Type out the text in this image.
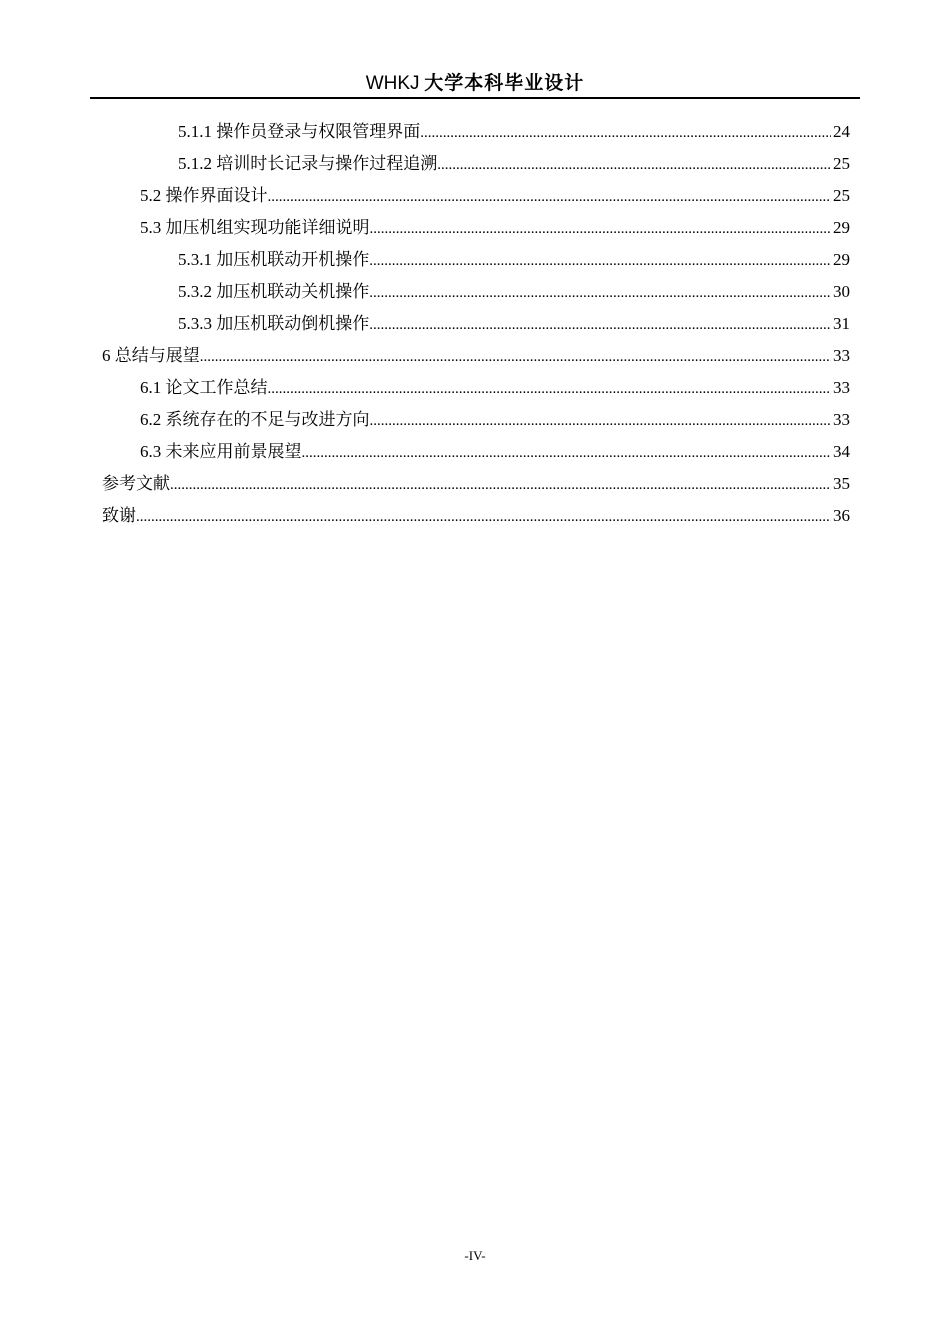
WHKJ 大学本科毕业设计
5.1.1 操作员登录与权限管理界面 .....	24
5.1.2 培训时长记录与操作过程追溯 .....	25
5.2 操作界面设计 .....	25
5.3 加压机组实现功能详细说明 .....	29
5.3.1 加压机联动开机操作 .....	29
5.3.2 加压机联动关机操作 .....	30
5.3.3 加压机联动倒机操作 .....	31
6 总结与展望 .....	33
6.1 论文工作总结 .....	33
6.2 系统存在的不足与改进方向 .....	33
6.3 未来应用前景展望 .....	34
参考文献 .....	35
致谢 .....	36
-IV-
